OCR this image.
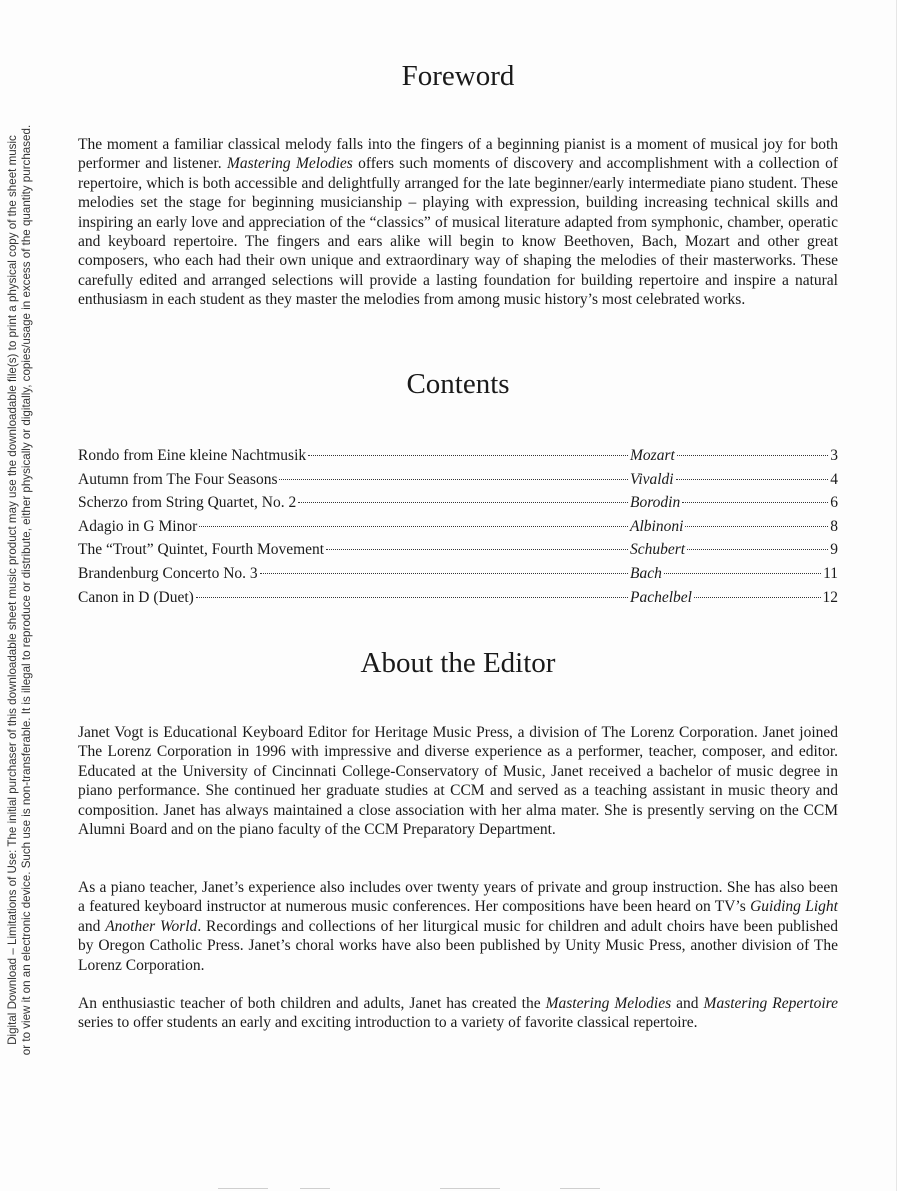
Digital Download – Limitations of Use: The initial purchaser of this downloadable sheet music product may use the downloadable file(s) to print a physical copy of the sheet music or to view it on an electronic device. Such use is non-transferable. It is illegal to reproduce or distribute, either physically or digitally, copies/usage in excess of the quantity purchased.
Foreword

The moment a familiar classical melody falls into the fingers of a beginning pianist is a moment of musical joy for both performer and listener. Mastering Melodies offers such moments of discovery and accomplishment with a collection of repertoire, which is both accessible and delightfully arranged for the late beginner/early intermediate piano student. These melodies set the stage for beginning musicianship – playing with expression, building increasing technical skills and inspiring an early love and appreciation of the “classics” of musical literature adapted from symphonic, chamber, operatic and keyboard repertoire. The fingers and ears alike will begin to know Beethoven, Bach, Mozart and other great composers, who each had their own unique and extraordinary way of shaping the melodies of their masterworks. These carefully edited and arranged selections will provide a lasting foundation for building repertoire and inspire a natural enthusiasm in each student as they master the melodies from among music history’s most celebrated works.

Contents
Rondo from Eine kleine Nachtmusik	Mozart	3
Autumn from The Four Seasons	Vivaldi	4
Scherzo from String Quartet, No. 2	Borodin	6
Adagio in G Minor	Albinoni	8
The “Trout” Quintet, Fourth Movement	Schubert	9
Brandenburg Concerto No. 3	Bach	11
Canon in D (Duet)	Pachelbel	12
About the Editor

Janet Vogt is Educational Keyboard Editor for Heritage Music Press, a division of The Lorenz Corporation. Janet joined The Lorenz Corporation in 1996 with impressive and diverse experience as a performer, teacher, composer, and editor. Educated at the University of Cincinnati College-Conservatory of Music, Janet received a bachelor of music degree in piano performance. She continued her graduate studies at CCM and served as a teaching assistant in music theory and composition. Janet has always maintained a close association with her alma mater. She is presently serving on the CCM Alumni Board and on the piano faculty of the CCM Preparatory Department.

As a piano teacher, Janet’s experience also includes over twenty years of private and group instruction. She has also been a featured keyboard instructor at numerous music conferences. Her compositions have been heard on TV’s Guiding Light and Another World. Recordings and collections of her liturgical music for children and adult choirs have been published by Oregon Catholic Press. Janet’s choral works have also been published by Unity Music Press, another division of The Lorenz Corporation.

An enthusiastic teacher of both children and adults, Janet has created the Mastering Melodies and Mastering Repertoire series to offer students an early and exciting introduction to a variety of favorite classical repertoire.
